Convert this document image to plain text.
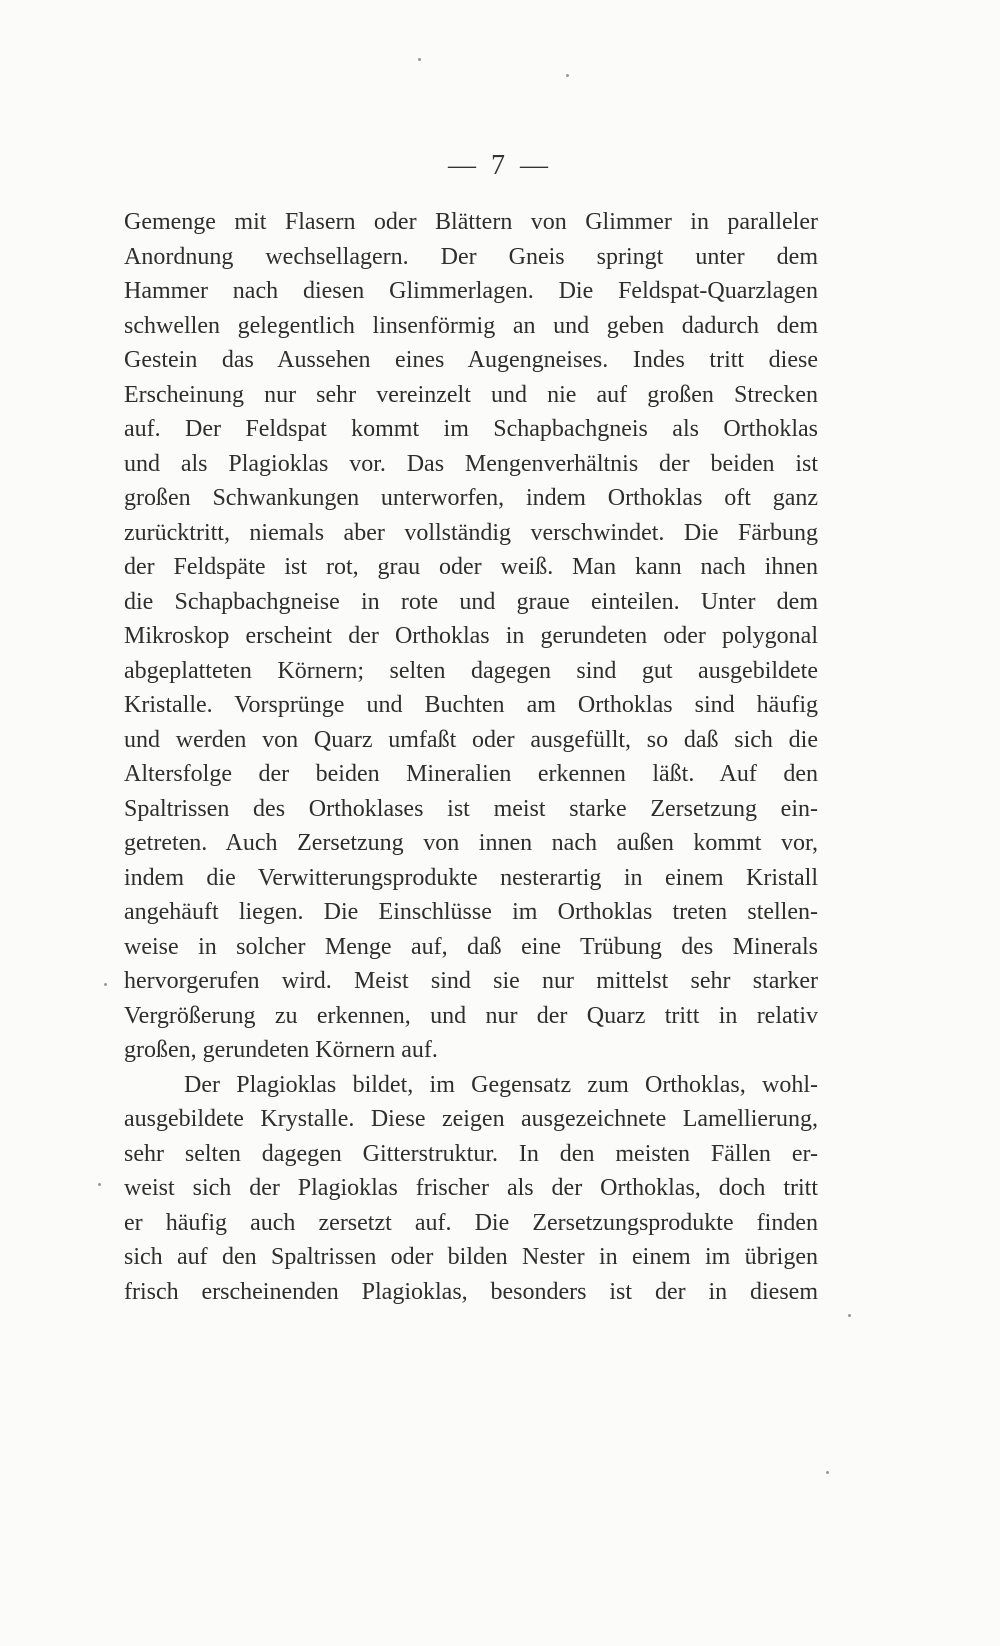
— 7 —
Gemenge mit Flasern oder Blättern von Glimmer in paralleler
Anordnung wechsellagern. Der Gneis springt unter dem
Hammer nach diesen Glimmerlagen. Die Feldspat-Quarzlagen
schwellen gelegentlich linsenförmig an und geben dadurch dem
Gestein das Aussehen eines Augengneises. Indes tritt diese
Erscheinung nur sehr vereinzelt und nie auf großen Strecken
auf. Der Feldspat kommt im Schapbachgneis als Orthoklas
und als Plagioklas vor. Das Mengenverhältnis der beiden ist
großen Schwankungen unterworfen, indem Orthoklas oft ganz
zurücktritt, niemals aber vollständig verschwindet. Die Färbung
der Feldspäte ist rot, grau oder weiß. Man kann nach ihnen
die Schapbachgneise in rote und graue einteilen. Unter dem
Mikroskop erscheint der Orthoklas in gerundeten oder polygonal
abgeplatteten Körnern; selten dagegen sind gut ausgebildete
Kristalle. Vorsprünge und Buchten am Orthoklas sind häufig
und werden von Quarz umfaßt oder ausgefüllt, so daß sich die
Altersfolge der beiden Mineralien erkennen läßt. Auf den
Spaltrissen des Orthoklases ist meist starke Zersetzung ein-
getreten. Auch Zersetzung von innen nach außen kommt vor,
indem die Verwitterungsprodukte nesterartig in einem Kristall
angehäuft liegen. Die Einschlüsse im Orthoklas treten stellen-
weise in solcher Menge auf, daß eine Trübung des Minerals
hervorgerufen wird. Meist sind sie nur mittelst sehr starker
Vergrößerung zu erkennen, und nur der Quarz tritt in relativ
großen, gerundeten Körnern auf.
Der Plagioklas bildet, im Gegensatz zum Orthoklas, wohl-
ausgebildete Krystalle. Diese zeigen ausgezeichnete Lamellierung,
sehr selten dagegen Gitterstruktur. In den meisten Fällen er-
weist sich der Plagioklas frischer als der Orthoklas, doch tritt
er häufig auch zersetzt auf. Die Zersetzungsprodukte finden
sich auf den Spaltrissen oder bilden Nester in einem im übrigen
frisch erscheinenden Plagioklas, besonders ist der in diesem
